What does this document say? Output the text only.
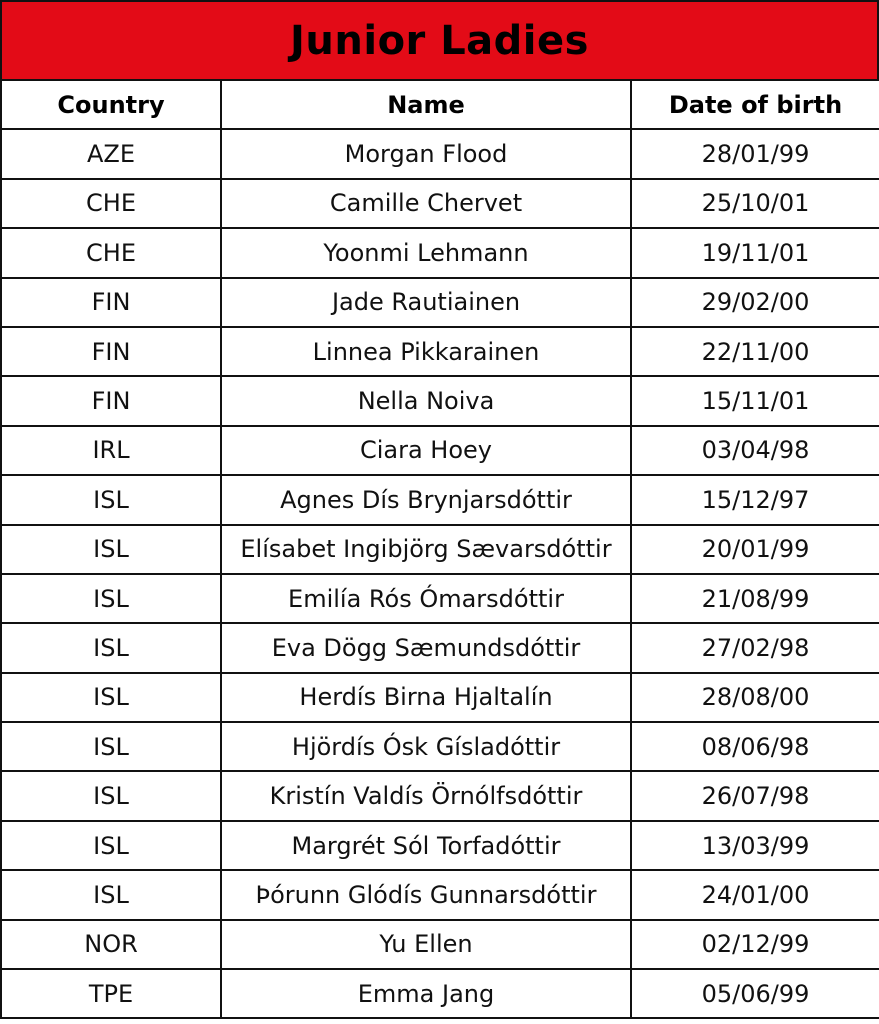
Junior Ladies
Country	Name	Date of birth
AZE	Morgan Flood	28/01/99
CHE	Camille Chervet	25/10/01
CHE	Yoonmi Lehmann	19/11/01
FIN	Jade Rautiainen	29/02/00
FIN	Linnea Pikkarainen	22/11/00
FIN	Nella Noiva	15/11/01
IRL	Ciara Hoey	03/04/98
ISL	Agnes Dís Brynjarsdóttir	15/12/97
ISL	Elísabet Ingibjörg Sævarsdóttir	20/01/99
ISL	Emilía Rós Ómarsdóttir	21/08/99
ISL	Eva Dögg Sæmundsdóttir	27/02/98
ISL	Herdís Birna Hjaltalín	28/08/00
ISL	Hjördís Ósk Gísladóttir	08/06/98
ISL	Kristín Valdís Örnólfsdóttir	26/07/98
ISL	Margrét Sól Torfadóttir	13/03/99
ISL	Þórunn Glódís Gunnarsdóttir	24/01/00
NOR	Yu Ellen	02/12/99
TPE	Emma Jang	05/06/99
